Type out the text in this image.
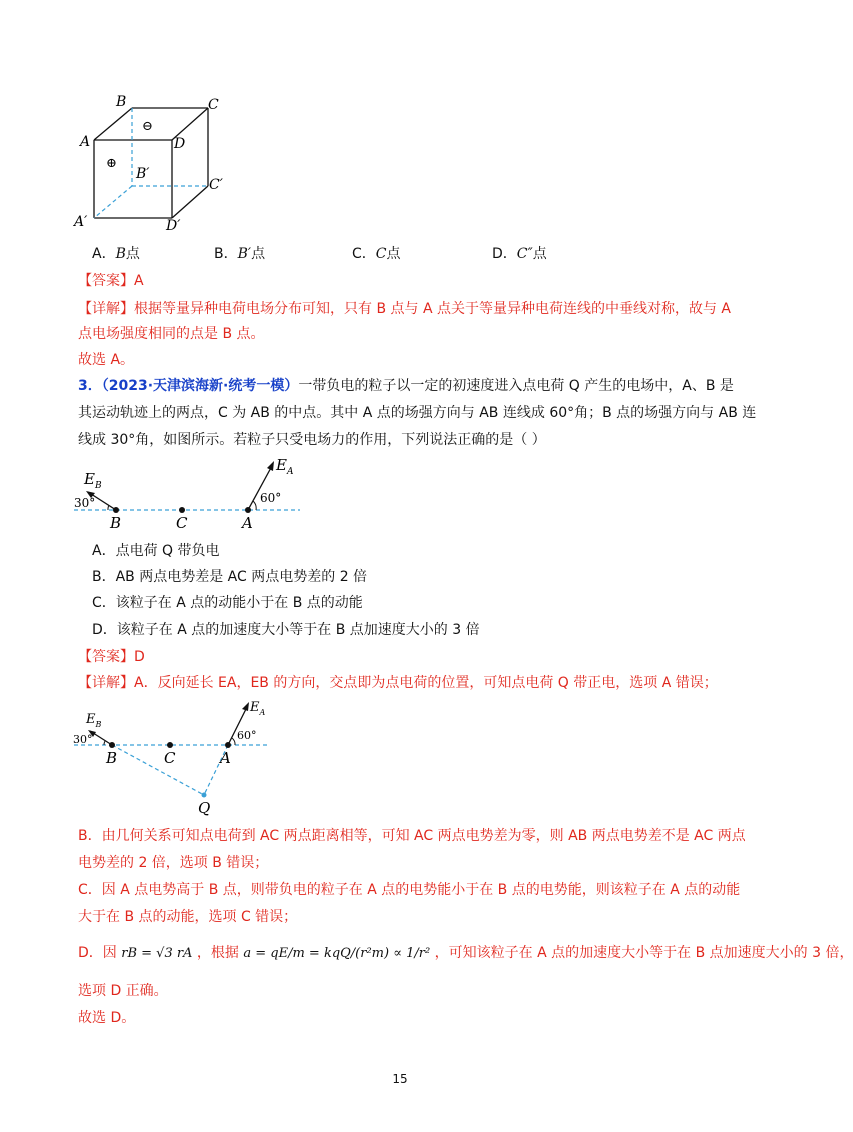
B	C
A	D
⊖
⊕
B′
C′
A′	D′
A．B点	B．B′点	C．C点	D．C″点
【答案】A
【详解】根据等量异种电荷电场分布可知，只有 B 点与 A 点关于等量异种电荷连线的中垂线对称，故与 A
点电场强度相同的点是 B 点。
故选 A。
3．（2023·天津滨海新·统考一模）一带负电的粒子以一定的初速度进入点电荷 Q 产生的电场中，A、B 是
其运动轨迹上的两点，C 为 AB 的中点。其中 A 点的场强方向与 AB 连线成 60°角；B 点的场强方向与 AB 连
线成 30°角，如图所示。若粒子只受电场力的作用，下列说法正确的是（ ）
$E_B$
$E_A$
30°	60°
B	C	A
A．点电荷 Q 带负电
B．AB 两点电势差是 AC 两点电势差的 2 倍
C．该粒子在 A 点的动能小于在 B 点的动能
D．该粒子在 A 点的加速度大小等于在 B 点加速度大小的 3 倍
【答案】D
【详解】A．反向延长 EA，EB 的方向，交点即为点电荷的位置，可知点电荷 Q 带正电，选项 A 错误；
$E_B$
$E_A$
30°	60°
B	C	A
Q
B．由几何关系可知点电荷到 AC 两点距离相等，可知 AC 两点电势差为零，则 AB 两点电势差不是 AC 两点
电势差的 2 倍，选项 B 错误；
C．因 A 点电势高于 B 点，则带负电的粒子在 A 点的电势能小于在 B 点的电势能，则该粒子在 A 点的动能
大于在 B 点的动能，选项 C 错误；
D．因 rB = √3 rA ，根据 a = qE/m = kqQ/(r²m) ∝ 1/r² ，可知该粒子在 A 点的加速度大小等于在 B 点加速度大小的 3 倍，
选项 D 正确。
故选 D。
15
